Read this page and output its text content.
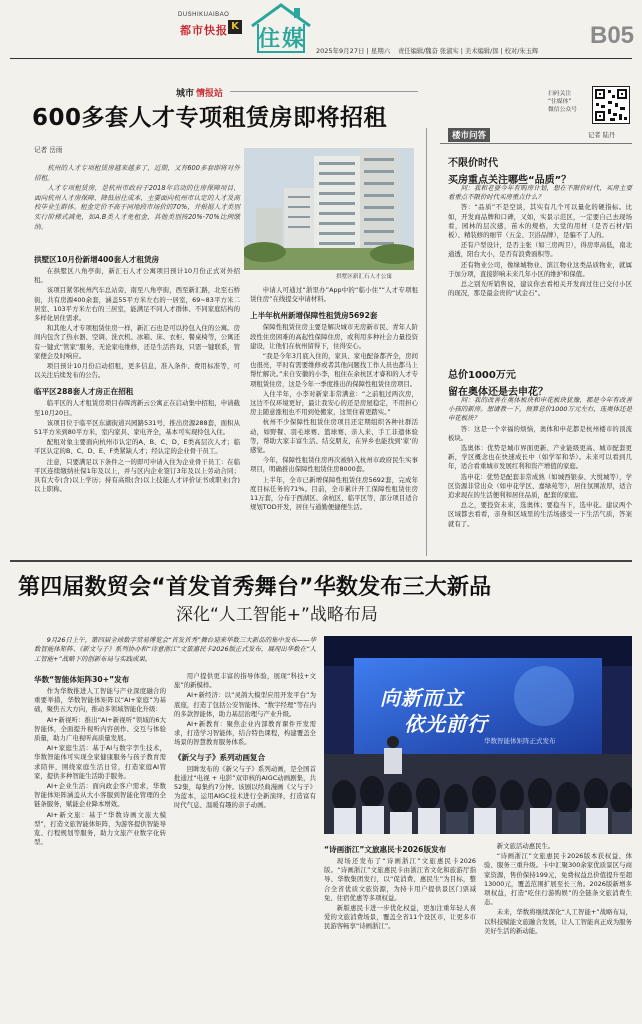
DUSHIKUAIBAO
都市快报 K
住媒 2025年9月27日 | 星期六 责任编辑/魏奋 张淑实 | 美术编辑/郎 | 校对/朱玉辉
B05
城市 情报站
600多套人才专项租赁房即将招租
扫码关注
“住媒体”
微信公众号
记者 岳雨

杭州的人才专项租赁房越来越多了，近期，又有600多套即将对外招租。

人才专项租赁房，是杭州市政府于2018年启动的住房保障项目，面向杭州人才房保障、降低居住成本，主要面向杭州市认定的人才及高校毕业生群体。租金定价不高于同地段市场价的70%，并根据人才类别实行阶梯式减免，如A.B类人才免租金，其他类别按20%-70%比例缴纳。

拱墅区新汇石人才公寓
拱墅区10月份新增400套人才租赁房

在拱墅区八角亭街，新汇石人才公寓项目预计10月份正式对外招租。

该项目紧邻杭州汽车总站旁，南至八角亭街，西至新汇路，北至石桥街，共有房源400余套，涵盖55平方米左右的一居室，69~83平方米二居室、103平方米左右的三居室，能满足不同人才群体、不同家庭结构的多样化居住需求。

和其他人才专项租赁住房一样，新汇石也是可以拎包入住的公寓。房间内包含了热水器、空调、洗衣机、冰箱、床、衣柜、餐桌椅等，公寓还有一键式“管家”服务，无论家电维修，还是生活咨询，只需一键联系，管家便会及时响应。

项目预计10月份启动招租，更多信息，准入条件、费用标准等，可以关注后续发布的公告。

临平区288套人才房正在招租

临平区的人才租赁房项目春晖湾新云公寓正在启动集中招租，申请截至10月20日。

该项目位于临平区东湖街道兴园路531号，推出房源288套，面积从51平方米到80平方米，室内家具、家电齐全，基本可实现拎包入住。

配租对象主要面向杭州市认定的A、B、C、D、E类高层次人才；临平区认定的B、C、D、E、F类紧缺人才；经认定的企业骨干员工。

注意，只要满足以下条件之一的即可申请入住为企业骨干员工：在临平区连续缴纳社保1年及以上，并与区内企业签订3年及以上劳动合同；具有大专(含)以上学历；持有高级(含)以上技能人才评价证书或职业(含)以上职称。

申请人可通过“浙里办”App中的“临小住”“人才专项租赁住房”在线提交申请材料。

上半年杭州新增保障性租赁房5692套

保障性租赁住房主要是解决城市无房新市民、青年人阶段性住房困难的高起性保障住房，或利用多种社会力量投资建设，让他们在杭州留得下，住得安心。

“我是今年3月底入住的，家具、家电配备都齐全，房间也很亮，平时有需要维修或者其他问题找工作人员也都马上帮忙解决。”来自安徽的小李，租住在余杭区才睿和的人才专项租赁住房，这是今年一季度推出的保障性租赁住房项目。

入住半年，小李对新家非常满意：“之前租过两次房，这边不仅环境更好，最让我安心的还是房屋稳定，不用担心房主随意涨租也不用到处搬家，这里住着更踏实。”

杭州不少保障性租赁住房项目还定期组织各种社群活动，如野餐、羽毛球赛、篮球赛、亲人来、手工非遗体验等，帮助大家丰富生活、结交朋友，在异乡也能找到‘家’的感觉。

今年，保障性租赁住房再次被纳入杭州市政府民生实事项目，明确推出保障性租赁住房8000套。

上半年，全市已新增保障性租赁住房5692套，完成年度目标任务的71%。目前，全市累计开工保障性租赁住房11万套，分布于西湖区、余杭区、临平区等，部分项目适合规划TOD开发，居住与通勤便捷便生活。

楼市问答	记者 陆丹
不限价时代
买房重点关注哪些“品质”？

问：我和老婆今年有购房计划，想在不限价时代，买房主要看重点不限价时代买房重点什么？

答：“品质”不是空谈，其实有几个可以量化的硬指标。比如，开发商品牌和口碑，又如，实景示范区，一定要自己去现场看，园林的层次感，苗木的规格，大堂的用材（是否石材/铝板）、精装修的细节（五金、卫浴品牌），是骗不了人的。

还有户型设计，是否主张（如三房两卫），得房率高低，南北通透，阳台大小，是否有浪费面积等。

还有物业公司，像绿城物业、滨江物业这类品质物业，就属于加分项，直接影响未来几年小区的维护和保值。

总之别光听销售说，建议你去看相关开发商过往已交付小区的现况，那是最金贵的“试金石”。

总价1000万元
留在奥体还是去申花？

问：我的改善在奥体板块和申花板块犹豫，都是今年有改善小孩的新房。想请教一下，预算总价1000万元左右，选奥体还是申花板块？

答：这是一个幸福的烦恼，奥体和申花都是杭州楼市的顶流板块。

选奥体：优势是城市界面更新、产业能级更高、城市配套更新，学区概念也在快速成长中（如学军和华）。未来可以看到几年，适合看重城市发展红利和资产增值的家庭。

选申花：优势是配套非常成熟（如城西银泰、大悦城等），学区资源非常出众（如申花学区、嘉绿苑等），居住氛围浓厚，适合追求现在的生活便利和居住品质，配套的家庭。

总之，要投资未来，选奥体；要稳当下，选申花。建议两个区域都去看看，亲身和区域里的生活场感受一下生活气质，答案就有了。

第四届数贸会“首发首秀舞台”华数发布三大新品
深化“人工智能+”战略布局

9月26日上午，第四届全球数字贸易博览会“首发首秀”舞台迎来华数三大新品的集中发布——华数智能体矩阵、《新文与子》系列协办和“诗意浙江”文旅惠民卡2026版正式发布，展现出华数在“人工智能+”战略下的创新布局与实践成果。

向新而立
依光前行
华数智能体矩阵正式发布
华数“智能体矩阵30+”发布

作为华数推进人工智能与产业深度融合的重要举措，华数智能体矩阵以“AI+家庭”为基础，聚焦五大方向，推动多领域智能化升级：

AI+新视听：推出“AI+新视听”领域的6大智能体，全面提升视听内容创作、交互与体验质量，助力广电视听高质量发展。

AI+家庭生活：基于AI与数字孪生技术，华数智能体可实现全家健康服务与孩子教育需求陪伴，围绕家庭生活日常，打造家庭AI管家，提供多种智能生活助手服务。

AI+企业生活：面向政企客户需求，华数智能体矩阵涵盖从大小客服到智能化管理的全链条服务，赋能企业降本增效。

AI+新文旅：基于“华数诗画文旅大模型”，打造文旅智能体矩阵，为游客提供智能导览、行程规划等服务，助力文旅产业数字化转型。

用户提供更丰富的指导体验，展现“科技+文旅”的新模样。

AI+新经济：以“灵鸽大模型应用开发平台”为底座，打造了包括公安智能体、“数字经理”等在内的多款智能体，助力基层治理与产业升级。

AI+新教育：聚焦企业内部教育课件开发需求，打造学习智能体，结合特色课程，构建覆盖全场景的智慧教育服务体系。

《新父与子》系列动画复合

回眸发布的《新父与子》系列动画，是全国首批通过“电视 + 电影”双审核的AIGC动画剧集，共52集，每集约7分钟。该剧以经典漫画《父与子》为蓝本，运用AIGC技术进行全新演绎，打造富有时代气息、温暖有趣的亲子动画。

“诗画浙江”文旅惠民卡2026版发布

现场还发布了“诗画浙江”文旅惠民卡2026版。“诗画浙江”文旅惠民卡由浙江省文化和旅游厅指导、华数集团发行，以“促消费、惠民生”为目标，整合全省优质文旅资源，为持卡用户提供景区门票减免、住宿优惠等多项权益。

新版惠民卡进一步优化权益，更加注重年轻人喜爱的文旅消费场景，覆盖全省11个设区市，让更多市民游客畅享“诗画浙江”。

新文旅活动惠民生。

“诗画浙江”文旅惠民卡2026版本获权益、体验、服务三重升级。卡中汇聚300余家优质景区与商家资源，售价保持199元，免费权益总价值提升至超13000元，覆盖范围扩展至长三角。2026版新增多项权益，打造“吃住行游购娱”的全链条文旅消费生态。

未来，华数将继续深化“人工智能+”战略布局，以科技赋能文旅融合发展，让人工智能真正成为服务美好生活的新动能。
